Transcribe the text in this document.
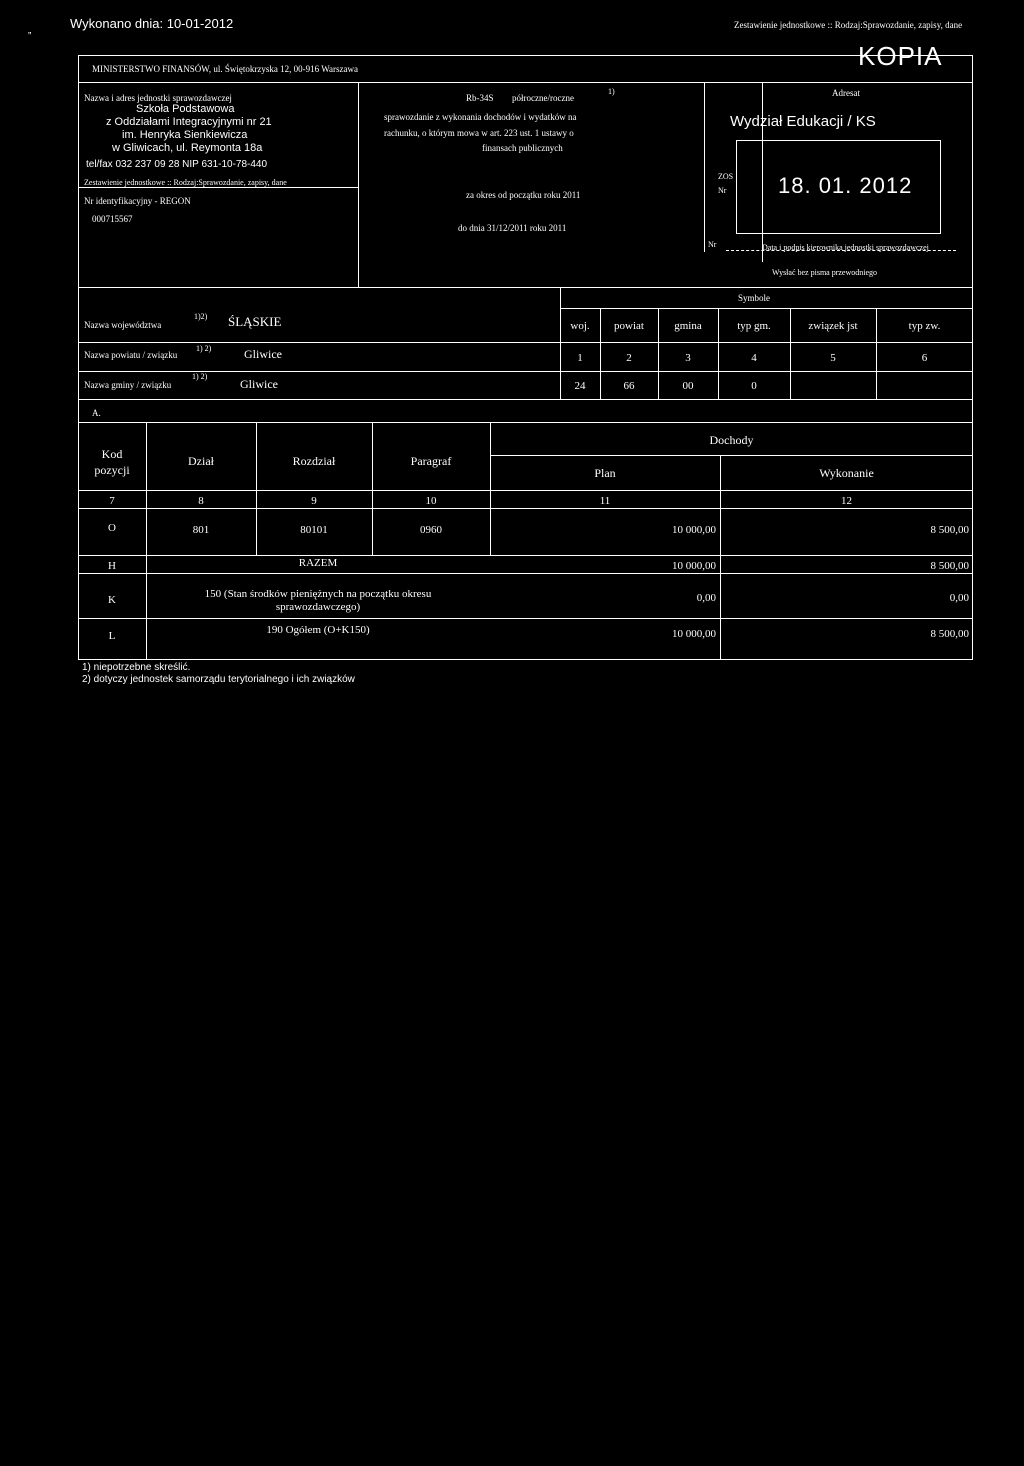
„	Wykonano dnia: 10-01-2012	Zestawienie jednostkowe :: Rodzaj:Sprawozdanie, zapisy, dane
MINISTERSTWO FINANSÓW, ul. Świętokrzyska 12, 00-916 Warszawa	KOPIA
Nazwa i adres jednostki sprawozdawczej
Szkoła Podstawowa
z Oddziałami Integracyjnymi nr 21
im. Henryka Sienkiewicza
w Gliwicach, ul. Reymonta 18a
tel/fax 032 237 09 28 NIP 631-10-78-440
Zestawienie jednostkowe :: Rodzaj:Sprawozdanie, zapisy, dane
Nr identyfikacyjny - REGON
000715567
Rb-34S półroczne/roczne
1)
sprawozdanie z wykonania dochodów i wydatków na
rachunku, o którym mowa w art. 223 ust. 1 ustawy o
finansach publicznych
za okres od początku roku 2011
do dnia 31/12/2011 roku 2011
Adresat
Wydział Edukacji / KS
18. 01. 2012
ZOS
Nr
Nr	Data i podpis kierownika jednostki sprawozdawczej
Wysłać bez pisma przewodniego
Nazwa województwa
1)2) ŚLĄSKIE
Nazwa powiatu / związku
1) 2)	Gliwice
Nazwa gminy / związku
1) 2)
Gliwice
A.
Symbole
woj.	powiat	gmina	typ gm.	związek jst	typ zw.
1	2	3	4	5	6
24	66	00	0
Kod
pozycji
Dział	Rozdział	Paragraf
Dochody
Plan	Wykonanie
7	8	9	10	11	12
O	801	80101	0960	10 000,00	8 500,00
H	RAZEM	10 000,00	8 500,00
K	150 (Stan środków pieniężnych na początku okresu
sprawozdawczego)
0,00	0,00
L	190 Ogółem (O+K150)	10 000,00	8 500,00
1) niepotrzebne skreślić.
2) dotyczy jednostek samorządu terytorialnego i ich związków
